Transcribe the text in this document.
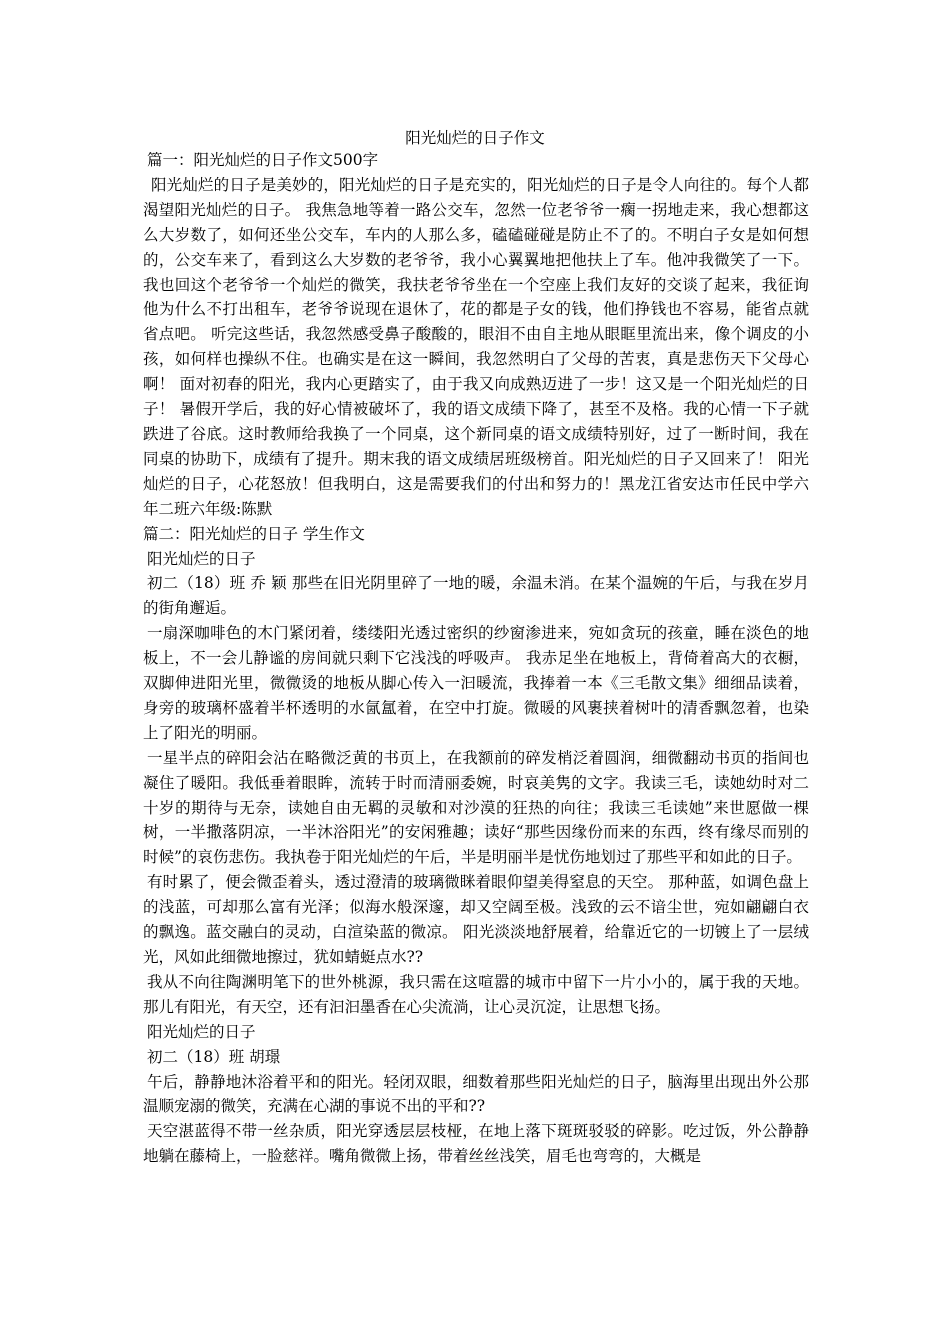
阳光灿烂的日子作文

篇一：阳光灿烂的日子作文500字

阳光灿烂的日子是美妙的，阳光灿烂的日子是充实的，阳光灿烂的日子是令人向往的。每个人都渴望阳光灿烂的日子。 我焦急地等着一路公交车，忽然一位老爷爷一瘸一拐地走来，我心想都这么大岁数了，如何还坐公交车，车内的人那么多，磕磕碰碰是防止不了的。不明白子女是如何想的，公交车来了，看到这么大岁数的老爷爷，我小心翼翼地把他扶上了车。他冲我微笑了一下。我也回这个老爷爷一个灿烂的微笑，我扶老爷爷坐在一个空座上我们友好的交谈了起来，我征询他为什么不打出租车，老爷爷说现在退休了，花的都是子女的钱，他们挣钱也不容易，能省点就省点吧。 听完这些话，我忽然感受鼻子酸酸的，眼泪不由自主地从眼眶里流出来，像个调皮的小孩，如何样也操纵不住。也确实是在这一瞬间，我忽然明白了父母的苦衷，真是悲伤天下父母心啊！ 面对初春的阳光，我内心更踏实了，由于我又向成熟迈进了一步！这又是一个阳光灿烂的日子！ 暑假开学后，我的好心情被破坏了，我的语文成绩下降了，甚至不及格。我的心情一下子就跌进了谷底。这时教师给我换了一个同桌，这个新同桌的语文成绩特别好，过了一断时间，我在同桌的协助下，成绩有了提升。期末我的语文成绩居班级榜首。阳光灿烂的日子又回来了！ 阳光灿烂的日子，心花怒放！但我明白，这是需要我们的付出和努力的！黑龙江省安达市任民中学六年二班六年级:陈默

篇二：阳光灿烂的日子 学生作文

阳光灿烂的日子

初二（18）班 乔 颖 那些在旧光阴里碎了一地的暖，余温未消。在某个温婉的午后，与我在岁月的街角邂逅。

一扇深咖啡色的木门紧闭着，缕缕阳光透过密织的纱窗渗进来，宛如贪玩的孩童，睡在淡色的地板上，不一会儿静谧的房间就只剩下它浅浅的呼吸声。 我赤足坐在地板上，背倚着高大的衣橱，双脚伸进阳光里，微微烫的地板从脚心传入一汩暖流，我捧着一本《三毛散文集》细细品读着，身旁的玻璃杯盛着半杯透明的水氤氲着，在空中打旋。微暖的风裹挟着树叶的清香飘忽着，也染上了阳光的明丽。

一星半点的碎阳会沾在略微泛黄的书页上，在我额前的碎发梢泛着圆润，细微翻动书页的指间也凝住了暖阳。我低垂着眼眸，流转于时而清丽委婉，时哀美隽的文字。我读三毛，读她幼时对二十岁的期待与无奈，读她自由无羁的灵敏和对沙漠的狂热的向往；我读三毛读她”来世愿做一棵树，一半撒落阴凉，一半沐浴阳光”的安闲雅趣；读好“那些因缘份而来的东西，终有缘尽而别的时候”的哀伤悲伤。我执卷于阳光灿烂的午后，半是明丽半是忧伤地划过了那些平和如此的日子。

有时累了，便会微歪着头，透过澄清的玻璃微眯着眼仰望美得窒息的天空。 那种蓝，如调色盘上的浅蓝，可却那么富有光泽；似海水般深邃，却又空阔至极。浅致的云不谙尘世，宛如翩翩白衣的飘逸。蓝交融白的灵动，白渲染蓝的微凉。 阳光淡淡地舒展着，给靠近它的一切镀上了一层绒光，风如此细微地擦过，犹如蜻蜓点水??

我从不向往陶渊明笔下的世外桃源，我只需在这喧嚣的城市中留下一片小小的，属于我的天地。那儿有阳光，有天空，还有汩汩墨香在心尖流淌，让心灵沉淀，让思想飞扬。

阳光灿烂的日子

初二（18）班 胡璟

午后，静静地沐浴着平和的阳光。轻闭双眼，细数着那些阳光灿烂的日子，脑海里出现出外公那温顺宠溺的微笑，充满在心湖的事说不出的平和??

天空湛蓝得不带一丝杂质，阳光穿透层层枝桠，在地上落下斑斑驳驳的碎影。吃过饭，外公静静地躺在藤椅上，一脸慈祥。嘴角微微上扬，带着丝丝浅笑，眉毛也弯弯的，大概是
